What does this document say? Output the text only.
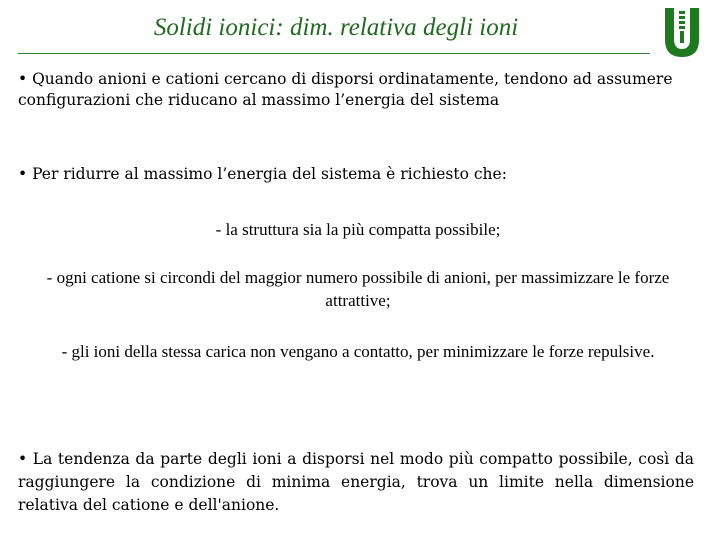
Solidi ionici: dim. relativa degli ioni
• Quando anioni e cationi cercano di disporsi ordinatamente, tendono ad assumere configurazioni che riducano al massimo l’energia del sistema
• Per ridurre al massimo l’energia del sistema è richiesto che:
- la struttura sia la più compatta possibile;
- ogni catione si circondi del maggior numero possibile di anioni, per massimizzare le forze attrattive;
- gli ioni della stessa carica non vengano a contatto, per minimizzare le forze repulsive.
• La tendenza da parte degli ioni a disporsi nel modo più compatto possibile, così da raggiungere la condizione di minima energia, trova un limite nella dimensione relativa del catione e dell'anione.
